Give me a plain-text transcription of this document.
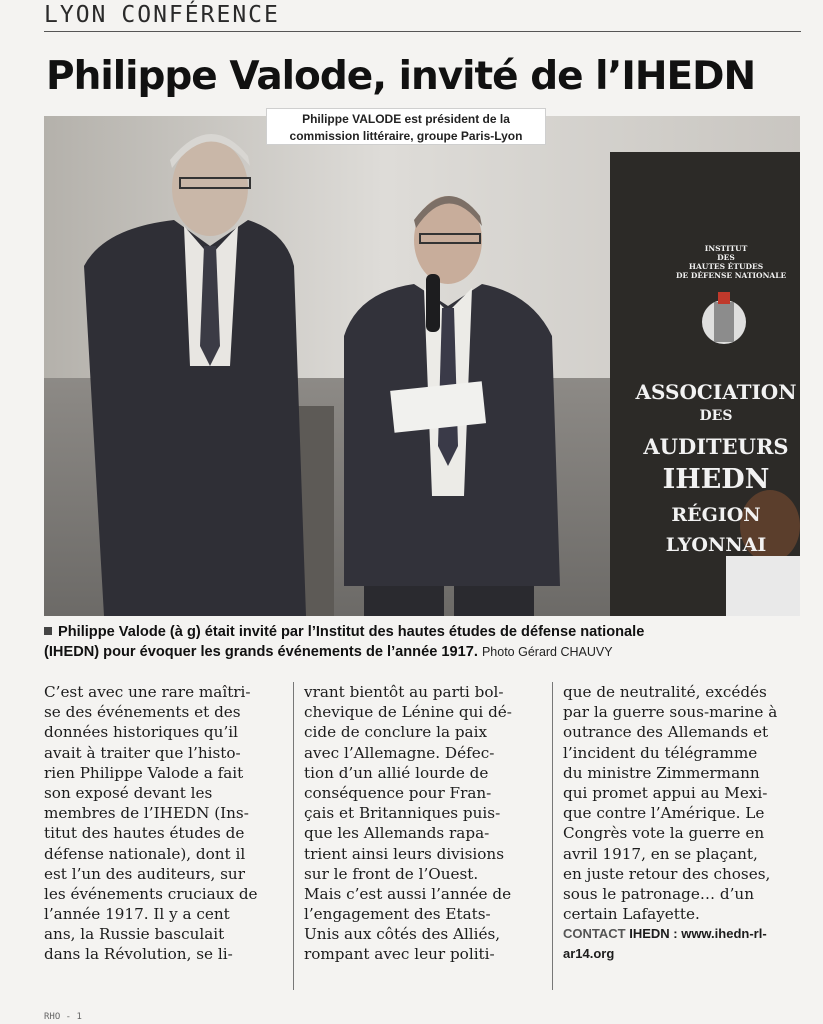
LYON CONFÉRENCE
Philippe Valode, invité de l’IHEDN
INSTITUT
DES
HAUTES ÉTUDES
DE DÉFENSE NATIONALE
ASSOCIATION
DES
AUDITEURS
IHEDN
RÉGION
LYONNAI
Philippe VALODE est président de la
commission littéraire, groupe Paris-Lyon
Philippe Valode (à g) était invité par l’Institut des hautes études de défense nationale
(IHEDN) pour évoquer les grands événements de l’année 1917. Photo Gérard CHAUVY
C’est avec une rare maîtri-
se des événements et des
données historiques qu’il
avait à traiter que l’histo-
rien Philippe Valode a fait
son exposé devant les
membres de l’IHEDN (Ins-
titut des hautes études de
défense nationale), dont il
est l’un des auditeurs, sur
les événements cruciaux de
l’année 1917. Il y a cent
ans, la Russie basculait
dans la Révolution, se li-
vrant bientôt au parti bol-
chevique de Lénine qui dé-
cide de conclure la paix
avec l’Allemagne. Défec-
tion d’un allié lourde de
conséquence pour Fran-
çais et Britanniques puis-
que les Allemands rapa-
trient ainsi leurs divisions
sur le front de l’Ouest.
Mais c’est aussi l’année de
l’engagement des Etats-
Unis aux côtés des Alliés,
rompant avec leur politi-
que de neutralité, excédés
par la guerre sous-marine à
outrance des Allemands et
l’incident du télégramme
du ministre Zimmermann
qui promet appui au Mexi-
que contre l’Amérique. Le
Congrès vote la guerre en
avril 1917, en se plaçant,
en juste retour des choses,
sous le patronage… d’un
certain Lafayette.
CONTACT IHEDN : www.ihedn-rl-
ar14.org
RHO - 1
